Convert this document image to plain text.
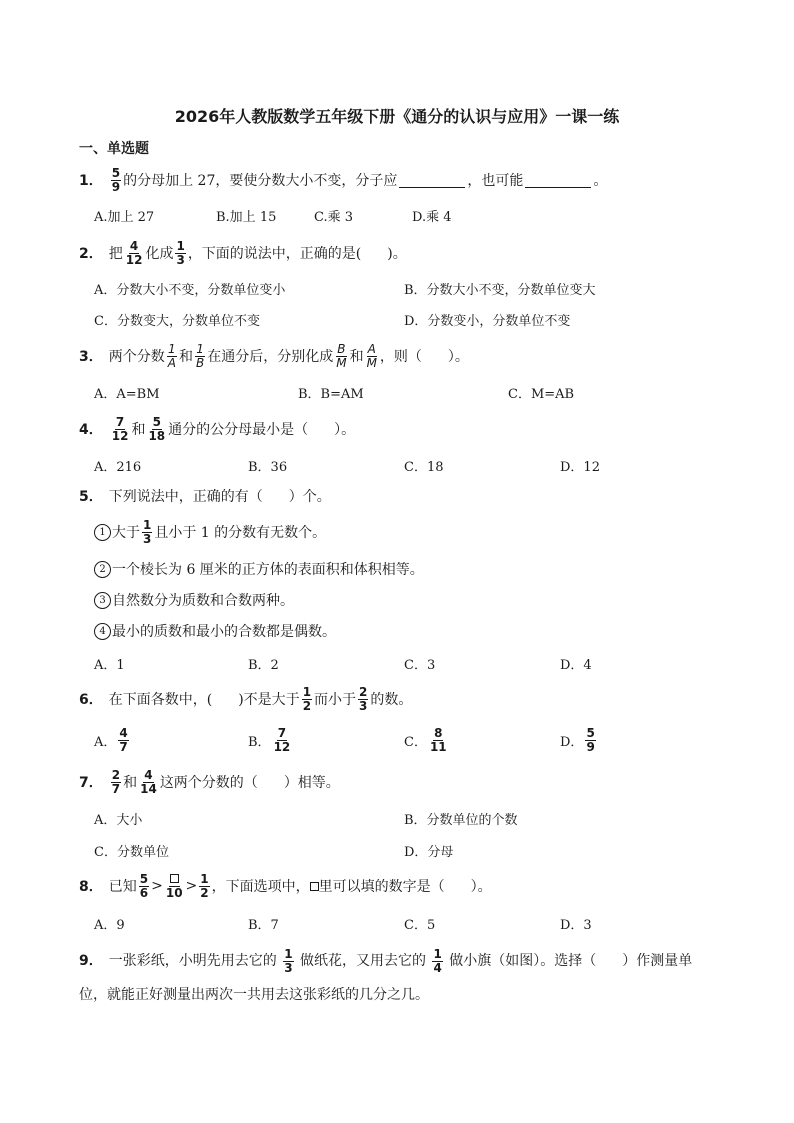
2026年人教版数学五年级下册《通分的认识与应用》一课一练
一、单选题
1． $\frac{5}{9}$ 的分母加上 27，要使分数大小不变，分子应	，也可能	。
A.加上 27	B.加上 15	C.乘 3	D.乘 4
2． 把 $\frac{4}{12}$ 化成 $\frac{1}{3}$ ，下面的说法中，正确的是( )。
A．分数大小不变，分数单位变小	B．分数大小不变，分数单位变大
C．分数变大，分数单位不变	D．分数变小，分数单位不变
3． 两个分数 $\frac{1}{A}$ 和 $\frac{1}{B}$ 在通分后，分别化成 $\frac{B}{M}$ 和 $\frac{A}{M}$ ，则（ ）。
A．A=BM	B．B=AM	C．M=AB
4． $\frac{7}{12}$ 和 $\frac{5}{18}$ 通分的公分母最小是（ ）。
A．216	B．36	C．18	D．12
5． 下列说法中，正确的有（ ）个。
1 大于 $\frac{1}{3}$ 且小于 1 的分数有无数个。
2 一个棱长为 6 厘米的正方体的表面积和体积相等。
3 自然数分为质数和合数两种。
4 最小的质数和最小的合数都是偶数。
A．1	B．2	C．3	D．4
6． 在下面各数中，( )不是大于 $\frac{1}{2}$ 而小于 $\frac{2}{3}$ 的数。
A． $\frac{4}{7}$	B． $\frac{7}{12}$	C． $\frac{8}{11}$	D． $\frac{5}{9}$
7． $\frac{2}{7}$ 和 $\frac{4}{14}$ 这两个分数的（ ）相等。
A．大小	B．分数单位的个数
C．分数单位	D．分母
8． 已知 $\frac{5}{6} > 10 > \frac{1}{2}$ ，下面选项中， 里可以填的数字是（ ）。
A．9	B．7	C．5	D．3
9． 一张彩纸，小明先用去它的 $\frac{1}{3}$ 做纸花，又用去它的 $\frac{1}{4}$ 做小旗（如图）。选择（ ）作测量单位，就能正好测量出两次一共用去这张彩纸的几分之几。
